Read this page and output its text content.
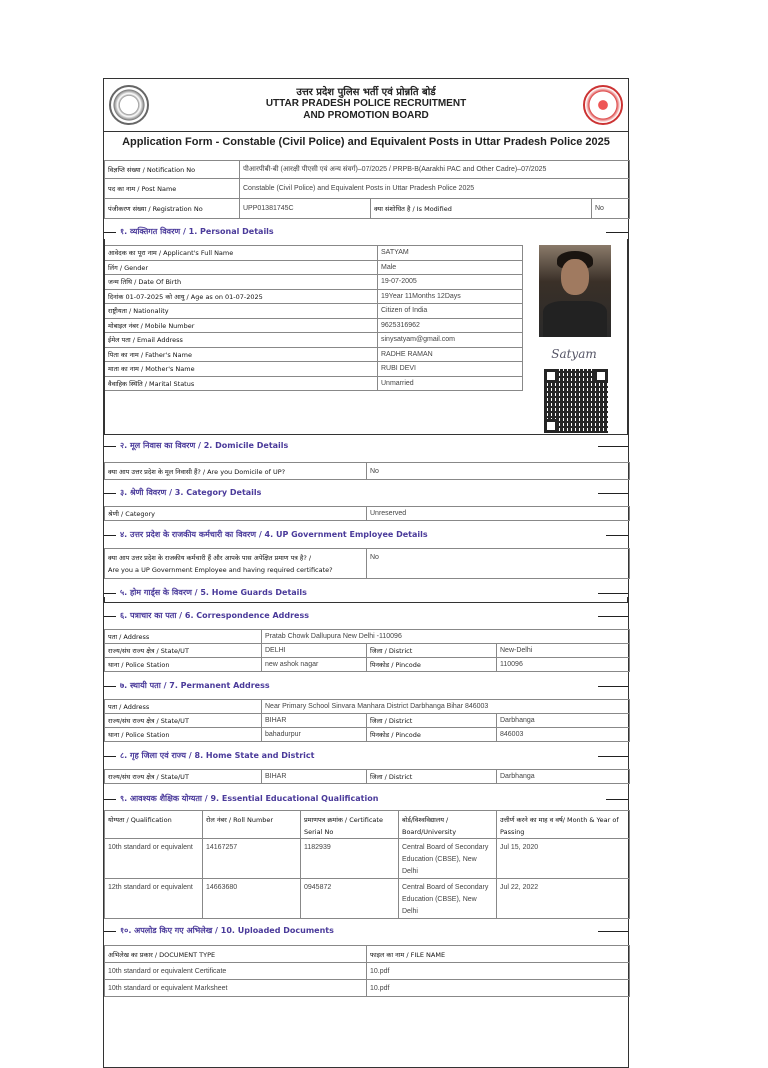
उत्तर प्रदेश पुलिस भर्ती एवं प्रोन्नति बोर्ड
UTTAR PRADESH POLICE RECRUITMENT
AND PROMOTION BOARD
Application Form - Constable (Civil Police) and Equivalent Posts in Uttar Pradesh Police 2025
विज्ञप्ति संख्या / Notification No	पीआरपीबी-बी (आरक्षी पीएसी एवं अन्य संवर्ग)–07/2025 / PRPB-B(Aarakhi PAC and Other Cadre)–07/2025		
पद का नाम / Post Name	Constable (Civil Police) and Equivalent Posts in Uttar Pradesh Police 2025		
पंजीकरण संख्या / Registration No	UPP01381745C	क्या संशोधित है / Is Modified	No
१. व्यक्तिगत विवरण / 1. Personal Details
आवेदक का पूरा नाम / Applicant's Full Name	SATYAM
लिंग / Gender	Male
जन्म तिथि / Date Of Birth	19-07-2005
दिनांक 01-07-2025 को आयु / Age as on 01-07-2025	19Year 11Months 12Days
राष्ट्रीयता / Nationality	Citizen of India
मोबाइल नंबर / Mobile Number	9625316962
ईमेल पता / Email Address	sinysatyam@gmail.com
पिता का नाम / Father's Name	RADHE RAMAN
माता का नाम / Mother's Name	RUBI DEVI
वैवाहिक स्थिति / Marital Status	Unmarried
Satyam
२. मूल निवास का विवरण / 2. Domicile Details
क्या आप उत्तर प्रदेश के मूल निवासी हैं? / Are you Domicile of UP?	No
३. श्रेणी विवरण / 3. Category Details
श्रेणी / Category	Unreserved
४. उत्तर प्रदेश के राजकीय कर्मचारी का विवरण / 4. UP Government Employee Details
क्या आप उत्तर प्रदेश के राजकीय कर्मचारी हैं और आपके पास अपेक्षित प्रमाण पत्र है? /
Are you a UP Government Employee and having required certificate?	No
५. होम गार्ड्स के विवरण / 5. Home Guards Details
६. पत्राचार का पता / 6. Correspondence Address
पता / Address	Pratab Chowk Dallupura New Delhi -110096		
राज्य/संघ राज्य क्षेत्र / State/UT	DELHI	जिला / District	New-Delhi
थाना / Police Station	new ashok nagar	पिनकोड / Pincode	110096
७. स्थायी पता / 7. Permanent Address
पता / Address	Near Primary School Sinvara Manhara District Darbhanga Bihar 846003		
राज्य/संघ राज्य क्षेत्र / State/UT	BIHAR	जिला / District	Darbhanga
थाना / Police Station	bahadurpur	पिनकोड / Pincode	846003
८. गृह जिला एवं राज्य / 8. Home State and District
राज्य/संघ राज्य क्षेत्र / State/UT	BIHAR	जिला / District	Darbhanga
९. आवश्यक शैक्षिक योग्यता / 9. Essential Educational Qualification
योग्यता / Qualification	रोल नंबर / Roll Number	प्रमाणपत्र क्रमांक / Certificate Serial No	बोर्ड/विश्वविद्यालय / Board/University	उत्तीर्ण करने का माह व वर्ष/ Month & Year of Passing
10th standard or equivalent	14167257	1182939	Central Board of Secondary Education (CBSE), New Delhi	Jul 15, 2020
12th standard or equivalent	14663680	0945872	Central Board of Secondary Education (CBSE), New Delhi	Jul 22, 2022
१०. अपलोड किए गए अभिलेख / 10. Uploaded Documents
अभिलेख का प्रकार / DOCUMENT TYPE	फाइल का नाम / FILE NAME
10th standard or equivalent Certificate	10.pdf
10th standard or equivalent Marksheet	10.pdf
